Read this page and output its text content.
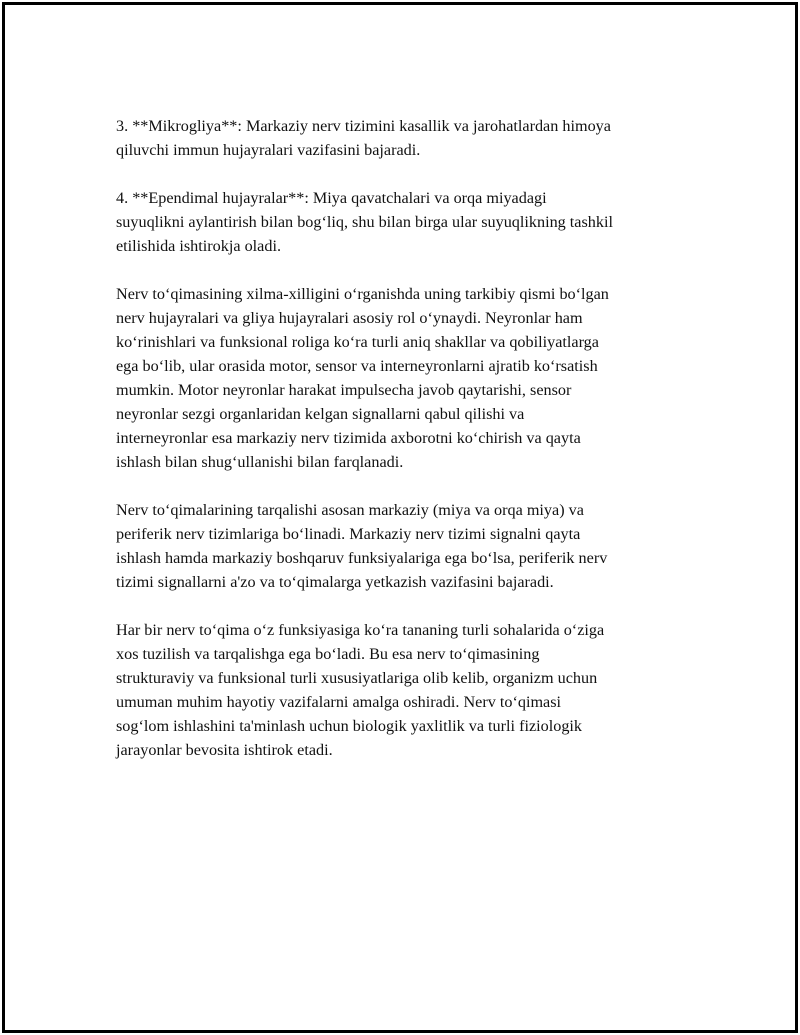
3. **Mikrogliya**: Markaziy nerv tizimini kasallik va jarohatlardan himoya
qiluvchi immun hujayralari vazifasini bajaradi.

4. **Ependimal hujayralar**: Miya qavatchalari va orqa miyadagi
suyuqlikni aylantirish bilan bog‘liq, shu bilan birga ular suyuqlikning tashkil
etilishida ishtirokja oladi.

Nerv to‘qimasining xilma-xilligini o‘rganishda uning tarkibiy qismi bo‘lgan
nerv hujayralari va gliya hujayralari asosiy rol o‘ynaydi. Neyronlar ham
ko‘rinishlari va funksional roliga ko‘ra turli aniq shakllar va qobiliyatlarga
ega bo‘lib, ular orasida motor, sensor va interneyronlarni ajratib ko‘rsatish
mumkin. Motor neyronlar harakat impulsecha javob qaytarishi, sensor
neyronlar sezgi organlaridan kelgan signallarni qabul qilishi va
interneyronlar esa markaziy nerv tizimida axborotni ko‘chirish va qayta
ishlash bilan shug‘ullanishi bilan farqlanadi.

Nerv to‘qimalarining tarqalishi asosan markaziy (miya va orqa miya) va
periferik nerv tizimlariga bo‘linadi. Markaziy nerv tizimi signalni qayta
ishlash hamda markaziy boshqaruv funksiyalariga ega bo‘lsa, periferik nerv
tizimi signallarni a'zo va to‘qimalarga yetkazish vazifasini bajaradi.

Har bir nerv to‘qima o‘z funksiyasiga ko‘ra tananing turli sohalarida o‘ziga
xos tuzilish va tarqalishga ega bo‘ladi. Bu esa nerv to‘qimasining
strukturaviy va funksional turli xususiyatlariga olib kelib, organizm uchun
umuman muhim hayotiy vazifalarni amalga oshiradi. Nerv to‘qimasi
sog‘lom ishlashini ta'minlash uchun biologik yaxlitlik va turli fiziologik
jarayonlar bevosita ishtirok etadi.
